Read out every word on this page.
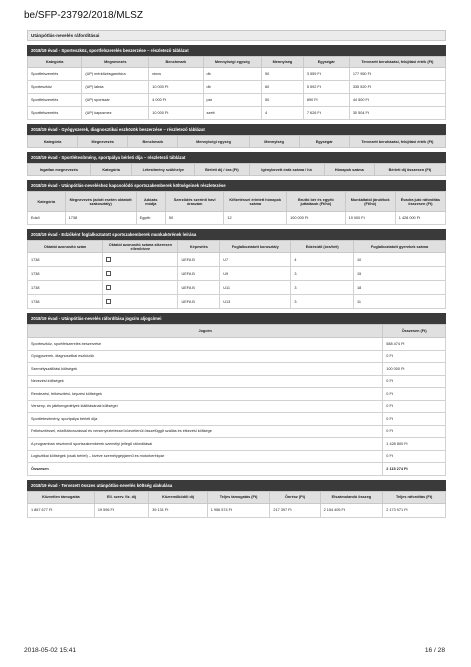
be/SFP-23792/2018/MLSZ
Utánpótlás-nevelés ráfordításai
2018/19 évad - Sporteszköz, sportfelszerelés beszerzése – részletező táblázat
Kategória	Megnevezés	Benchmark	Mennyiségi egység	Mennyiség	Egységár	Tervezett beruházási, felújítási érték (Ft)
Sportfelszerelés	(UP) mérkőzésgarnitúra	nincs	db	50	3 559 Ft	177 950 Ft
Sporteszköz	(UP) labda	10 000 Ft	db	60	5 592 Ft	335 520 Ft
Sportfelszerelés	(UP) sportszár	4 000 Ft	pár	50	890 Ft	44 500 Ft
Sportfelszerelés	(UP) kapusmez	10 000 Ft	szett	4	7 626 Ft	30 504 Ft
2018/19 évad - Gyógyszerek, diagnosztikai eszközök beszerzése – részletező táblázat
Kategória	Megnevezés	Benchmark	Mennyiségi egység	Mennyiség	Egységár	Tervezett beruházási, felújítási érték (Ft)
2018/19 évad - Sportlétesítmény, sportpálya bérleti díja – részletező táblázat
Ingatlan megnevezés	Kategória	Létesítmény szükhelye	Bérleti díj / óra (Ft)	Igénybevett órák száma / hó	Hónapok száma	Bérleti díj összesen (Ft)
2018/19 évad - Utánpótlás-neveléshez kapcsolódó sportszakemberek költségeinek részletezése
Kategória	Megnevezés (adott esetén oktatott szakosztály)	Adózás módja	Szerződés szerinti havi óraszám	Kifizetéssel érintett hónapok száma	Bruttó bér és egyéb juttatások (Ft/hó)	Munkáltatói járulékok (Ft/hó)	Évadra jutó ráfordítás összesen (Ft)
Edző	1738	Egyéb	50	12	100 000 Ft	19 000 Ft	1 428 000 Ft
2018/19 évad - Edzőként foglalkoztatott sportszakemberek munkakörének leírása
Oktatói azonosító szám	Oktatói azonosító száma sikeresen ellenőrizve	Képesítés	Foglalkoztatott korosztály	Edzésidő (óra/hét)	Foglalkoztatott gyerekek száma
1738		UEFA B	U7	4	10
1738		UEFA B	U9	3	15
1738		UEFA B	U11	3	18
1738		UEFA B	U13	3	11
2018/19 évad - Utánpótlás-nevelés ráfordítása jogcím aljogcímei
Jogcím	Összesen (Ft)
Sporteszköz, sportfelszerelés beszerzése	588 474 Ft
Gyógyszerek, diagnosztikai eszközök	0 Ft
Személyszállítási költségek	100 000 Ft
Nevezési költségek	0 Ft
Rendezési, felkészítési, képzési költségek	0 Ft
Verseny- és játékengedélyek kiállításának költségei	0 Ft
Sportlétesítmény, sportpálya bérleti díja	0 Ft
Felkészítéssel, edzőtáborozással és versenyeztetéssel közvetlenül összefüggő szállás és étkezési költsége	0 Ft
A programban résztvevő sportszakemberek személyi jellegű ráfordításai	1 428 800 Ft
Logisztikai költségek (csak bérlet) – kivéve személygépjármű és motorkerékpár	0 Ft
Összesen	2 115 274 Ft
2018/19 évad - Tervezett összes utánpótlás-nevelés költség alakulása
Közvetlen támogatás	Ell. szerv. fiz. díj	Közreműködői díj	Teljes támogatás (Ft)	Önrész (Ft)	Elszámolandó összeg	Teljes ráfordítás (Ft)
1 867 677 Ft	19 596 Ft	39 131 Ft	1 956 574 Ft	217 397 Ft	2 154 405 Ft	2 173 971 Ft
2018-05-02 15:41	16 / 28
